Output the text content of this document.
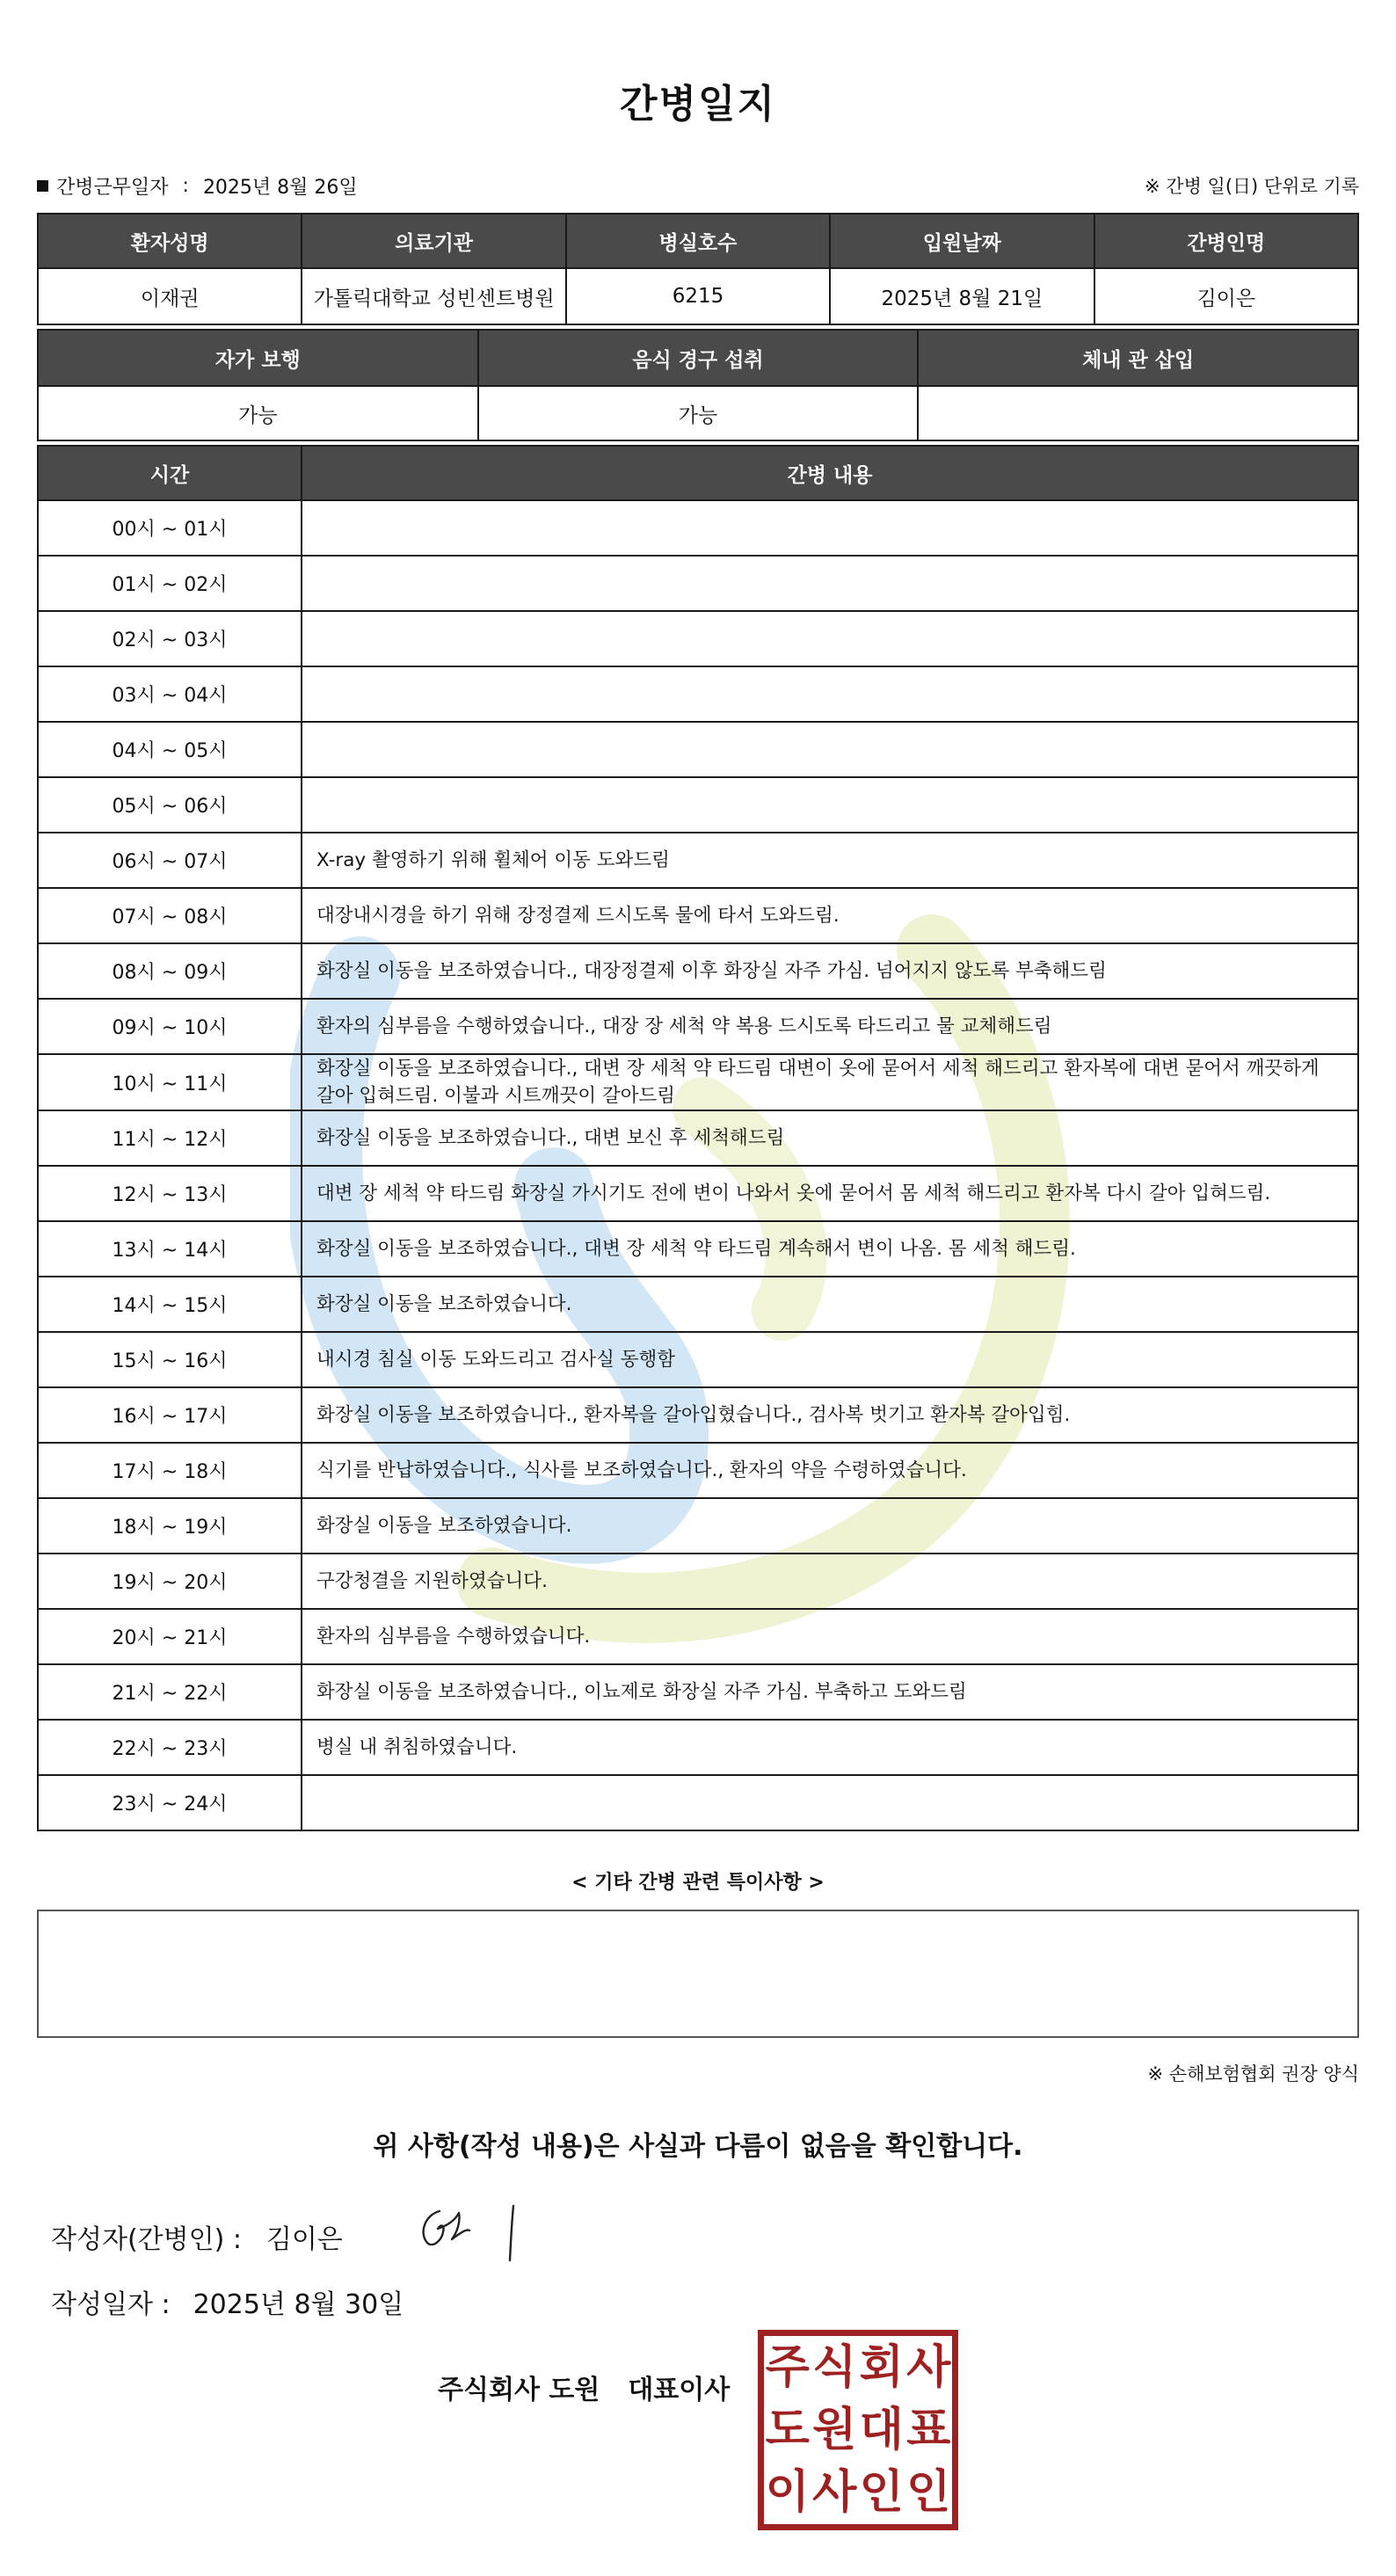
간병일지
간병근무일자 : 2025년 8월 26일	※ 간병 일(日) 단위로 기록
환자성명	의료기관	병실호수	입원날짜	간병인명
이재권	가톨릭대학교 성빈센트병원	6215	2025년 8월 21일	김이은
자가 보행	음식 경구 섭취	체내 관 삽입
가능	가능	
시간	간병 내용
00시 ~ 01시	
01시 ~ 02시	
02시 ~ 03시	
03시 ~ 04시	
04시 ~ 05시	
05시 ~ 06시	
06시 ~ 07시	X-ray 촬영하기 위해 휠체어 이동 도와드림
07시 ~ 08시	대장내시경을 하기 위해 장정결제 드시도록 물에 타서 도와드림.
08시 ~ 09시	화장실 이동을 보조하였습니다., 대장정결제 이후 화장실 자주 가심. 넘어지지 않도록 부축해드림
09시 ~ 10시	환자의 심부름을 수행하였습니다., 대장 장 세척 약 복용 드시도록 타드리고 물 교체해드림
10시 ~ 11시	화장실 이동을 보조하였습니다., 대변 장 세척 약 타드림 대변이 옷에 묻어서 세척 해드리고 환자복에 대변 묻어서 깨끗하게 갈아 입혀드림. 이불과 시트깨끗이 갈아드림
11시 ~ 12시	화장실 이동을 보조하였습니다., 대변 보신 후 세척해드림
12시 ~ 13시	대변 장 세척 약 타드림 화장실 가시기도 전에 변이 나와서 옷에 묻어서 몸 세척 해드리고 환자복 다시 갈아 입혀드림.
13시 ~ 14시	화장실 이동을 보조하였습니다., 대변 장 세척 약 타드림 계속해서 변이 나옴. 몸 세척 해드림.
14시 ~ 15시	화장실 이동을 보조하였습니다.
15시 ~ 16시	내시경 침실 이동 도와드리고 검사실 동행함
16시 ~ 17시	화장실 이동을 보조하였습니다., 환자복을 갈아입혔습니다., 검사복 벗기고 환자복 갈아입힘.
17시 ~ 18시	식기를 반납하였습니다., 식사를 보조하였습니다., 환자의 약을 수령하였습니다.
18시 ~ 19시	화장실 이동을 보조하였습니다.
19시 ~ 20시	구강청결을 지원하였습니다.
20시 ~ 21시	환자의 심부름을 수행하였습니다.
21시 ~ 22시	화장실 이동을 보조하였습니다., 이뇨제로 화장실 자주 가심. 부축하고 도와드림
22시 ~ 23시	병실 내 취침하였습니다.
23시 ~ 24시	
< 기타 간병 관련 특이사항 >
※ 손해보험협회 권장 양식
위 사항(작성 내용)은 사실과 다름이 없음을 확인합니다.
작성자(간병인) : 김이은
작성일자 : 2025년 8월 30일
주식회사 도원 대표이사 주 식 회 사
도 원 대 표
이 사 인 인
